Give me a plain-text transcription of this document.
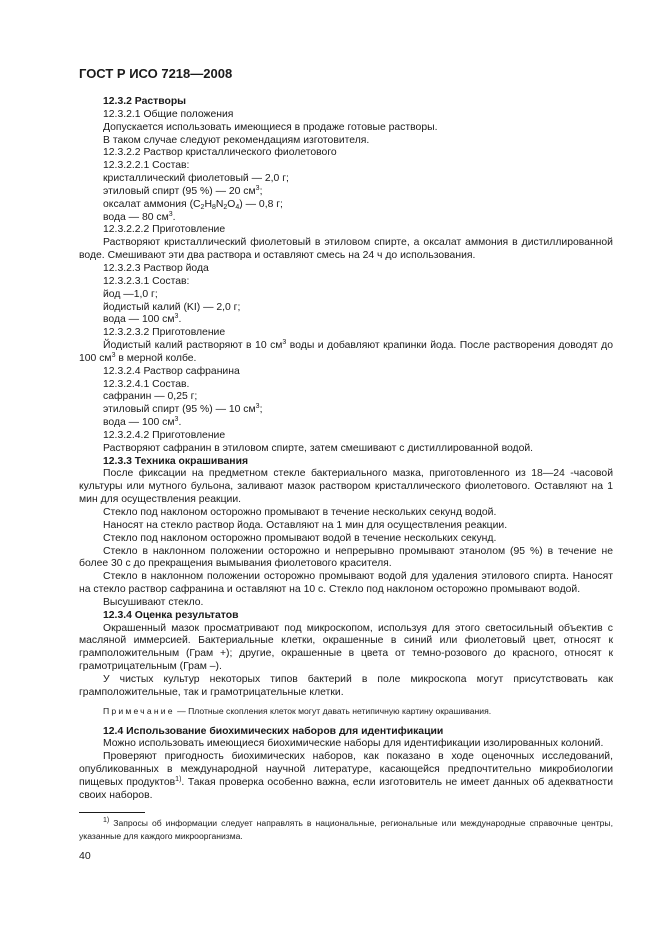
ГОСТ Р ИСО 7218—2008
12.3.2 Растворы
12.3.2.1 Общие положения
Допускается использовать имеющиеся в продаже готовые растворы.
В таком случае следуют рекомендациям изготовителя.
12.3.2.2 Раствор кристаллического фиолетового
12.3.2.2.1 Состав:
кристаллический фиолетовый — 2,0 г;
этиловый спирт (95 %) — 20 $см^3$;
оксалат аммония $(C_2H_8N_2O_4)$ — 0,8 г;
вода — 80 $см^3$.
12.3.2.2.2 Приготовление
Растворяют кристаллический фиолетовый в этиловом спирте, а оксалат аммония в дистиллированной воде. Смешивают эти два раствора и оставляют смесь на 24 ч до использования.
12.3.2.3 Раствор йода
12.3.2.3.1 Состав:
йод —1,0 г;
йодистый калий (KI) — 2,0 г;
вода — 100 $см^3$.
12.3.2.3.2 Приготовление
Йодистый калий растворяют в 10 $см^3$ воды и добавляют крапинки йода. После растворения доводят до 100 $см^3$ в мерной колбе.
12.3.2.4 Раствор сафранина
12.3.2.4.1 Состав.
сафранин — 0,25 г;
этиловый спирт (95 %) — 10 $см^3$;
вода — 100 $см^3$.
12.3.2.4.2 Приготовление
Растворяют сафранин в этиловом спирте, затем смешивают с дистиллированной водой.
12.3.3 Техника окрашивания
После фиксации на предметном стекле бактериального мазка, приготовленного из 18—24 -часовой культуры или мутного бульона, заливают мазок раствором кристаллического фиолетового. Оставляют на 1 мин для осуществления реакции.
Стекло под наклоном осторожно промывают в течение нескольких секунд водой.
Наносят на стекло раствор йода. Оставляют на 1 мин для осуществления реакции.
Стекло под наклоном осторожно промывают водой в течение нескольких секунд.
Стекло в наклонном положении осторожно и непрерывно промывают этанолом (95 %) в течение не более 30 с до прекращения вымывания фиолетового красителя.
Стекло в наклонном положении осторожно промывают водой для удаления этилового спирта. Наносят на стекло раствор сафранина и оставляют на 10 с. Стекло под наклоном осторожно промывают водой.
Высушивают стекло.
12.3.4 Оценка результатов
Окрашенный мазок просматривают под микроскопом, используя для этого светосильный объектив с масляной иммерсией. Бактериальные клетки, окрашенные в синий или фиолетовый цвет, относят к грамположительным (Грам +); другие, окрашенные в цвета от темно-розового до красного, относят к грамотрицательным (Грам –).
У чистых культур некоторых типов бактерий в поле микроскопа могут присутствовать как грамположительные, так и грамотрицательные клетки.
Примечание — Плотные скопления клеток могут давать нетипичную картину окрашивания.
12.4 Использование биохимических наборов для идентификации
Можно использовать имеющиеся биохимические наборы для идентификации изолированных колоний.
Проверяют пригодность биохимических наборов, как показано в ходе оценочных исследований, опубликованных в международной научной литературе, касающейся предпочтительно микробиологии пищевых продуктов$^{1)}$. Такая проверка особенно важна, если изготовитель не имеет данных об адекватности своих наборов.
$^{1)}$ Запросы об информации следует направлять в национальные, региональные или международные справочные центры, указанные для каждого микроорганизма.
40
